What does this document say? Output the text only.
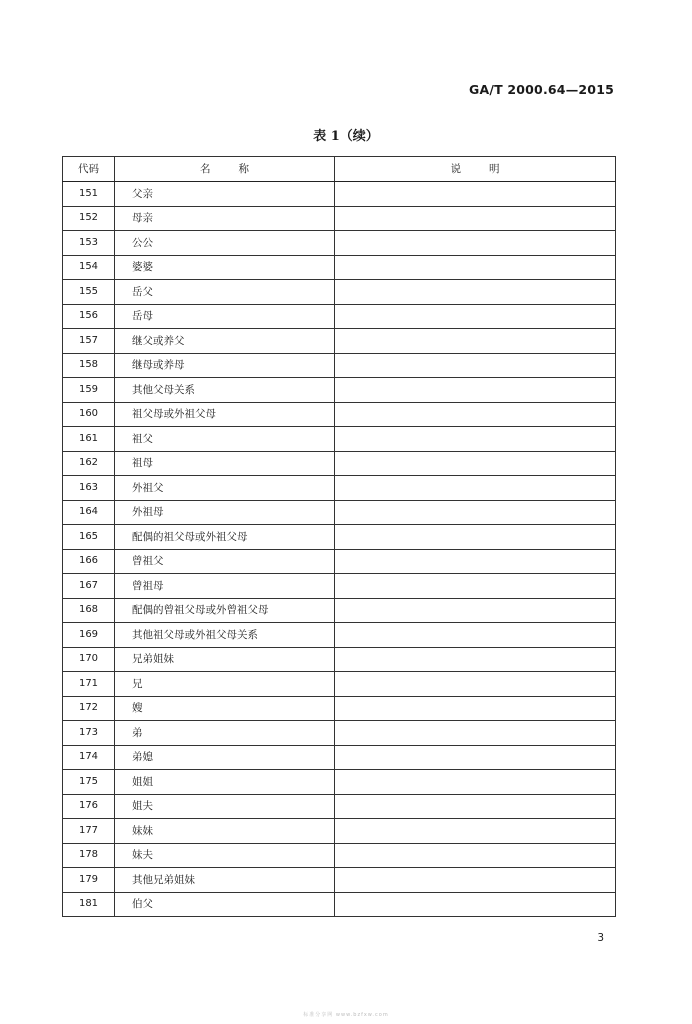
GA/T 2000.64—2015
表 1（续）
代码	名称	说明
151	父亲	
152	母亲	
153	公公	
154	婆婆	
155	岳父	
156	岳母	
157	继父或养父	
158	继母或养母	
159	其他父母关系	
160	祖父母或外祖父母	
161	祖父	
162	祖母	
163	外祖父	
164	外祖母	
165	配偶的祖父母或外祖父母	
166	曾祖父	
167	曾祖母	
168	配偶的曾祖父母或外曾祖父母	
169	其他祖父母或外祖父母关系	
170	兄弟姐妹	
171	兄	
172	嫂	
173	弟	
174	弟媳	
175	姐姐	
176	姐夫	
177	妹妹	
178	妹夫	
179	其他兄弟姐妹	
181	伯父	
3
标准分享网 www.bzfxw.com
